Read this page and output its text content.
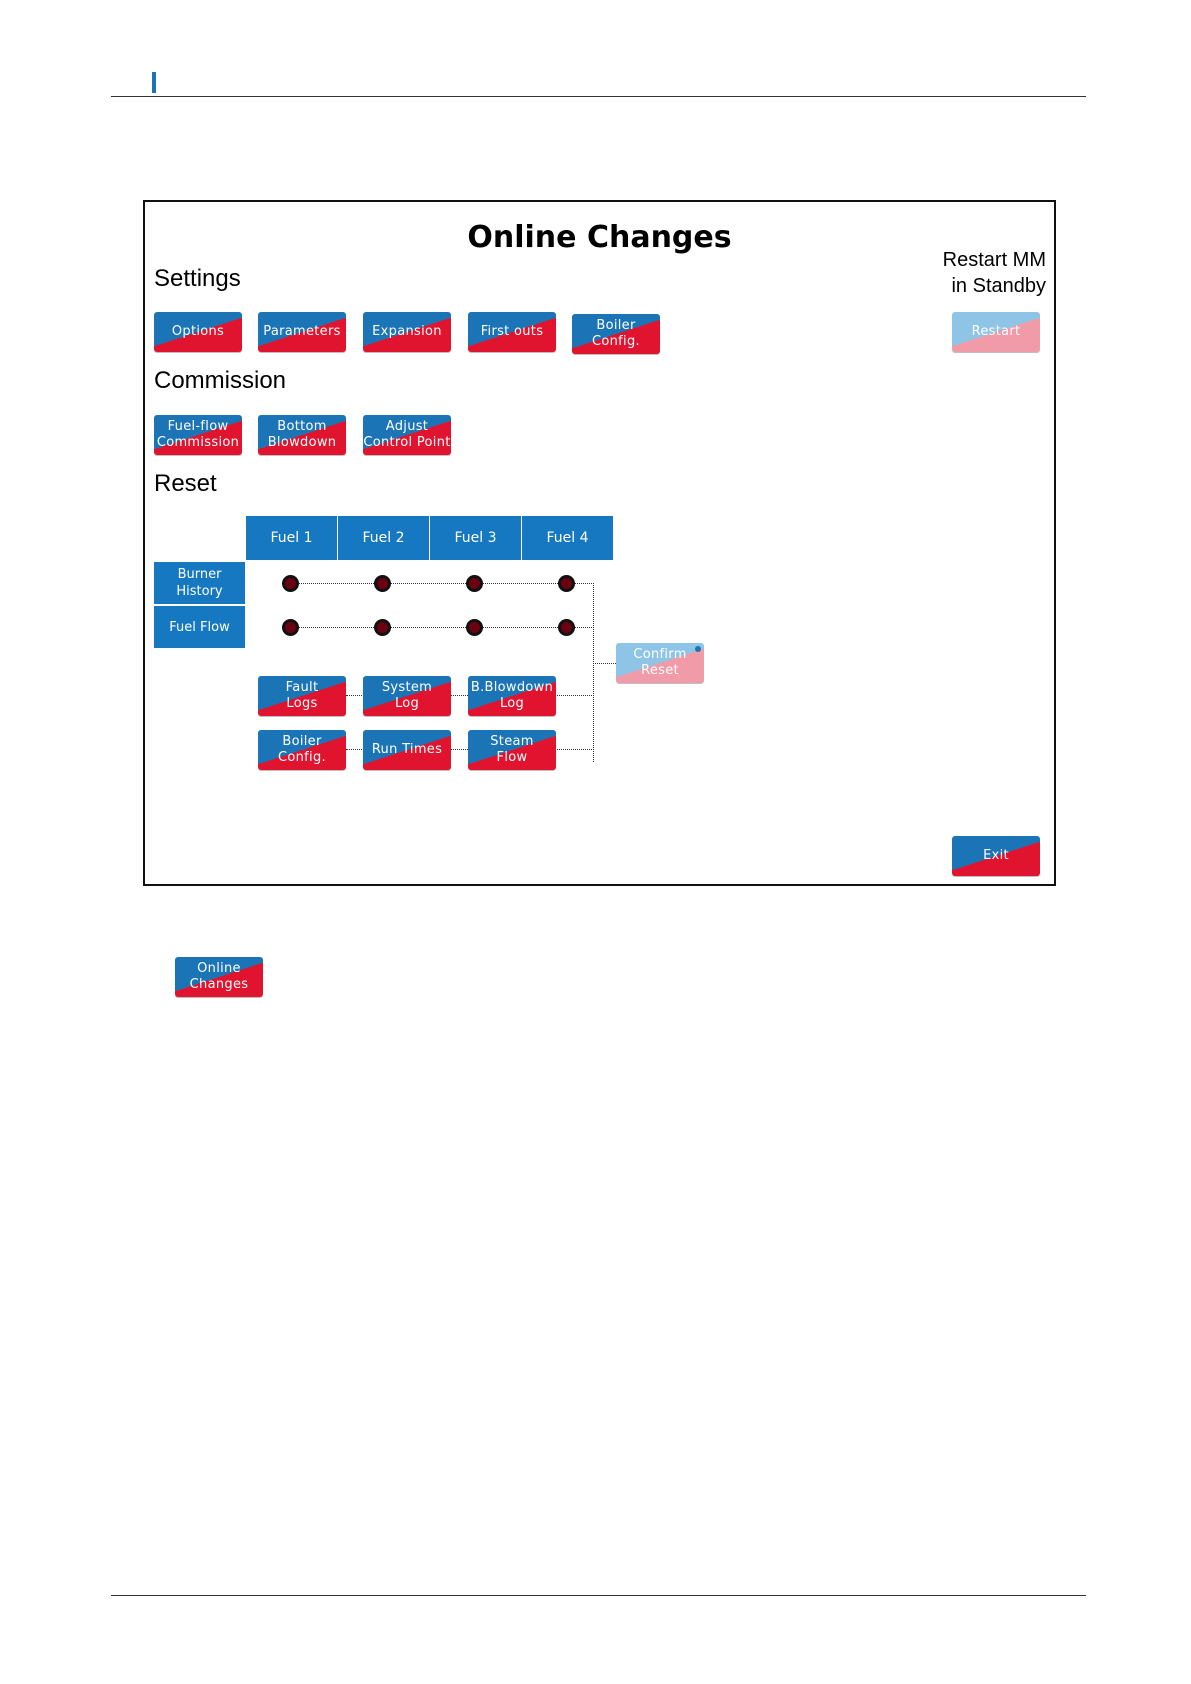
Online Changes
Restart MM
in Standby
Settings
Options	Parameters Expansion	First outs	Boiler
Config.
Restart
Commission
Fuel-flow
Commission
Bottom
Blowdown
Adjust
Control Point
Reset
Fuel 1	Fuel 2	Fuel 3	Fuel 4
Burner
History
Fuel Flow
Fault
Logs
System
Log
B.Blowdown
Log
Boiler
Config.
Run Times
Steam
Flow
Confirm
Reset
Exit
Online
Changes
